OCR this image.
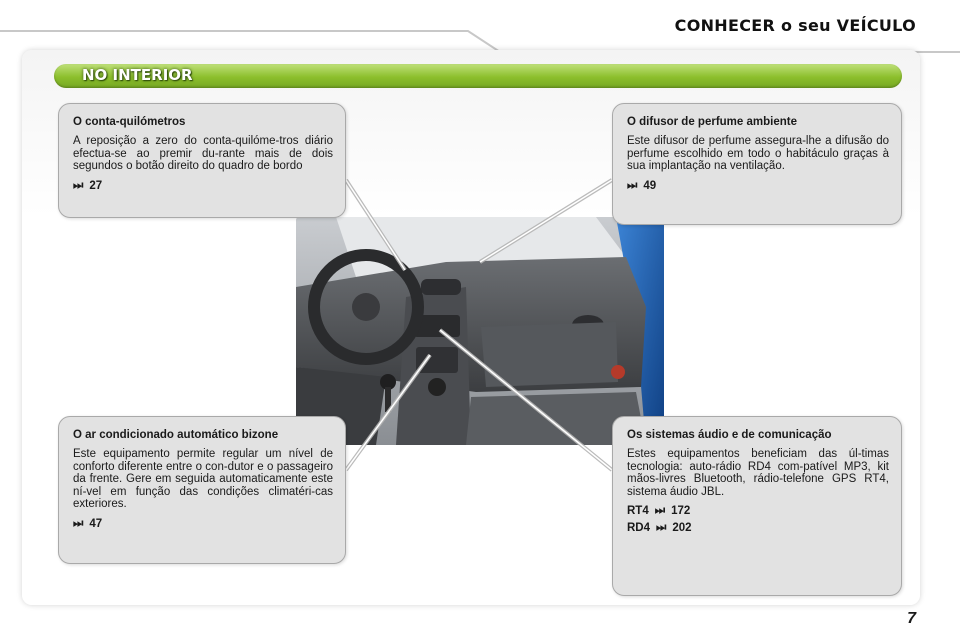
CONHECER o seu VEÍCULO
NO INTERIOR
O conta-quilómetros

A reposição a zero do conta-quilóme-tros diário efectua-se ao premir du-rante mais de dois segundos o botão direito do quadro de bordo

⏭ 27
O difusor de perfume ambiente

Este difusor de perfume assegura-lhe a difusão do perfume escolhido em todo o habitáculo graças à sua implantação na ventilação.

⏭ 49
O ar condicionado automático bizone

Este equipamento permite regular um nível de conforto diferente entre o con-dutor e o passageiro da frente. Gere em seguida automaticamente este ní-vel em função das condições climatéri-cas exteriores.

⏭ 47
Os sistemas áudio e de comunicação

Estes equipamentos beneficiam das úl-timas tecnologia: auto-rádio RD4 com-patível MP3, kit mãos-livres Bluetooth, rádio-telefone GPS RT4, sistema áudio JBL.

RT4 ⏭ 172
RD4 ⏭ 202
7
